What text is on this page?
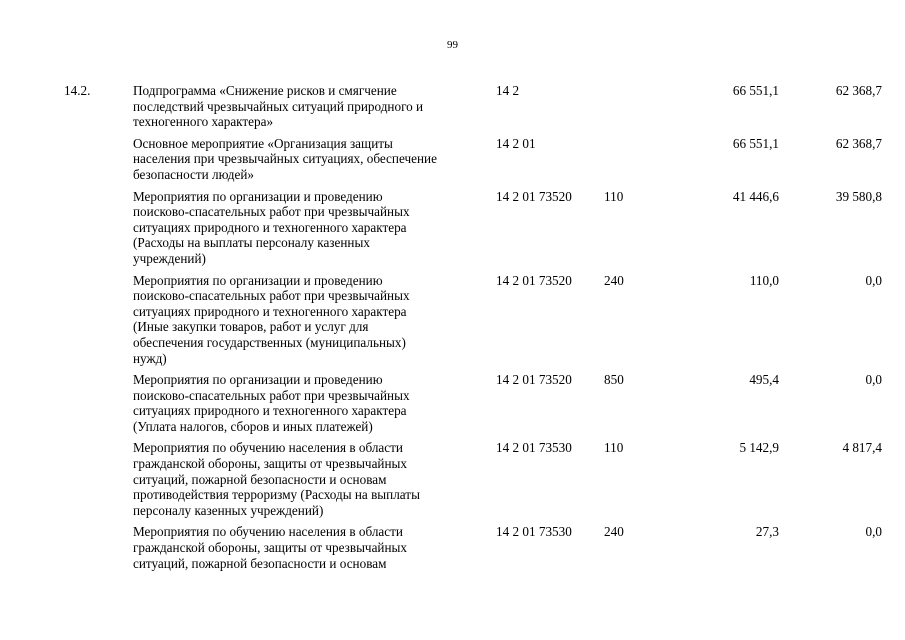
99
14.2.	Подпрограмма «Снижение рисков и смягчение
последствий чрезвычайных ситуаций природного и
техногенного характера»
14 2	66 551,1	62 368,7
Основное мероприятие «Организация защиты
населения при чрезвычайных ситуациях, обеспечение
безопасности людей»
14 2 01	66 551,1	62 368,7
Мероприятия по организации и проведению
поисково-спасательных работ при чрезвычайных
ситуациях природного и техногенного характера
(Расходы на выплаты персоналу казенных
учреждений)
14 2 01 73520 110	41 446,6	39 580,8
Мероприятия по организации и проведению
поисково-спасательных работ при чрезвычайных
ситуациях природного и техногенного характера
(Иные закупки товаров, работ и услуг для
обеспечения государственных (муниципальных)
нужд)
14 2 01 73520 240	110,0	0,0
Мероприятия по организации и проведению
поисково-спасательных работ при чрезвычайных
ситуациях природного и техногенного характера
(Уплата налогов, сборов и иных платежей)
14 2 01 73520 850	495,4	0,0
Мероприятия по обучению населения в области
гражданской обороны, защиты от чрезвычайных
ситуаций, пожарной безопасности и основам
противодействия терроризму (Расходы на выплаты
персоналу казенных учреждений)
14 2 01 73530 110	5 142,9	4 817,4
Мероприятия по обучению населения в области
гражданской обороны, защиты от чрезвычайных
ситуаций, пожарной безопасности и основам
14 2 01 73530 240	27,3	0,0
